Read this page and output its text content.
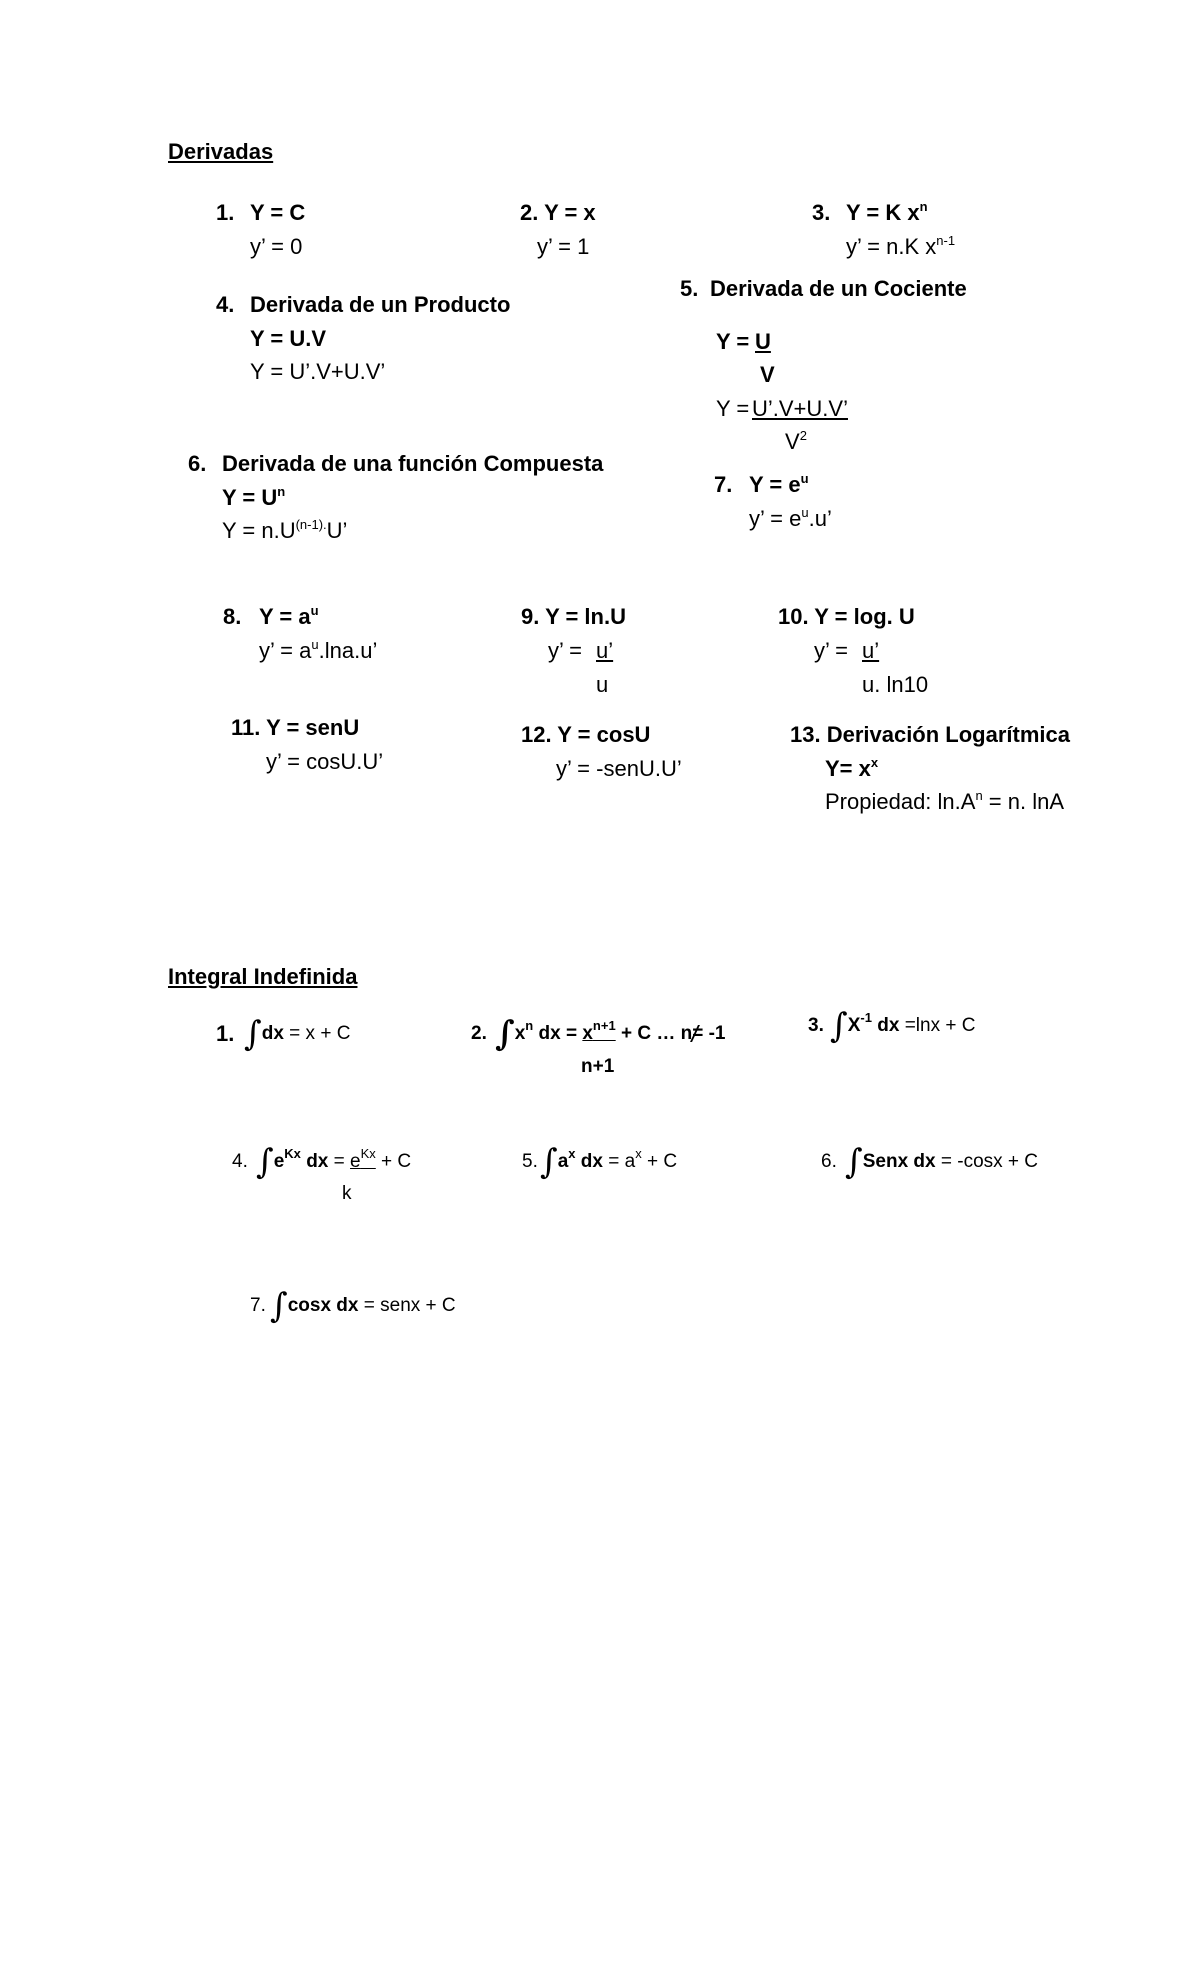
Derivadas
1. Y = C
y’ = 0
2. Y = x
y’ = 1
3. Y = K $x^n$
y’ = n.K $x^{n-1}$
4. Derivada de un Producto
Y = U.V
Y = U’.V+U.V’
5. Derivada de un Cociente
Y = U
V
Y = U’.V+U.V’
$V^2$
6. Derivada de una función Compuesta
$Y = U^n$
$Y = n.U^{(n-1).}U$’
7. $Y = e^u$
y’ = $e^u.u$’
8. $Y = a^u$
y’ = $a^u.\ln a.u$’
9. Y = ln.U
y’ = u’
u
10. Y = log. U
y’ = u’
u. ln10
11. Y = senU
y’ = cosU.U’
12. Y = cosU
y’ = -senU.U’
13. Derivación Logarítmica
$Y= x^x$
Propiedad: $\ln.A^n = n$. lnA
Integral Indefinida
1. ∫dx = x + C	2. $\int x^n$ dx = $x^{n+1} + C$ … n= -1
n+1
3. $\int X^{-1}$ dx =lnx + C
4. $\int e^{Kx}$ dx = $e^{Kx} + C$
k
5. $\int a^x$ dx = $a^x + C$	6. ∫Senx dx = -cosx + C
7. ∫cosx dx = senx + C
